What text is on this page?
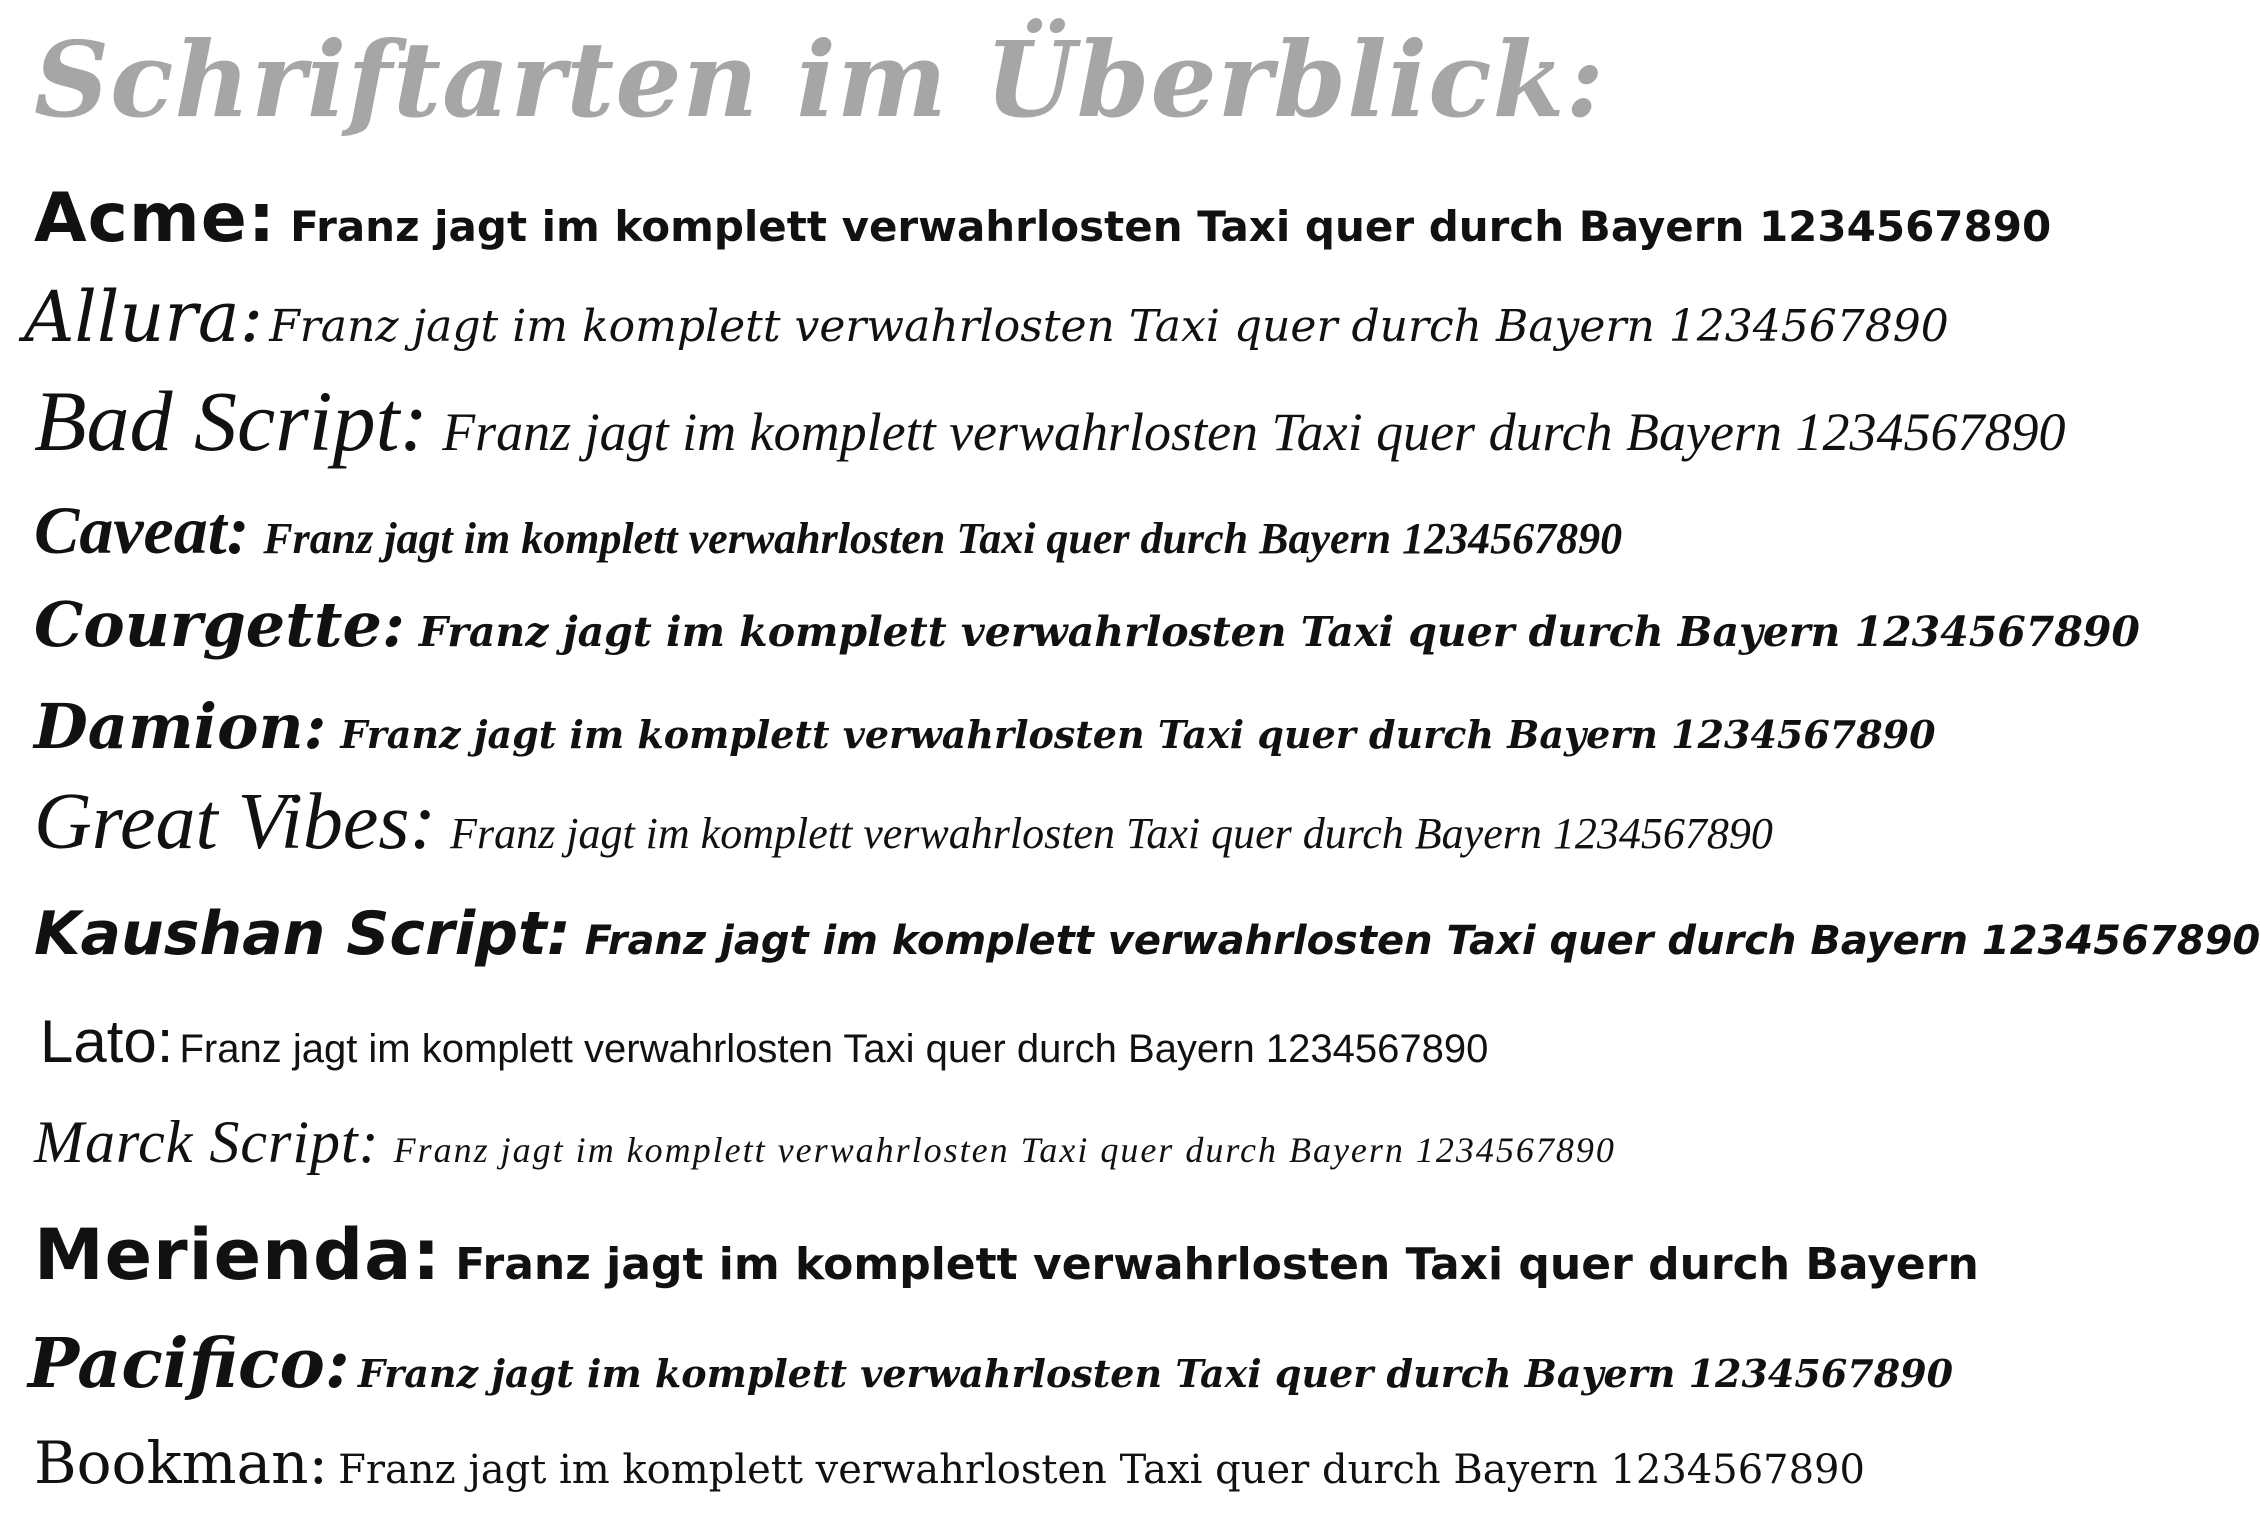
Schriftarten im Überblick:
Acme: Franz jagt im komplett verwahrlosten Taxi quer durch Bayern 1234567890
Allura: Franz jagt im komplett verwahrlosten Taxi quer durch Bayern 1234567890
Bad Script: Franz jagt im komplett verwahrlosten Taxi quer durch Bayern 1234567890
Caveat: Franz jagt im komplett verwahrlosten Taxi quer durch Bayern 1234567890
Courgette: Franz jagt im komplett verwahrlosten Taxi quer durch Bayern 1234567890
Damion: Franz jagt im komplett verwahrlosten Taxi quer durch Bayern 1234567890
Great Vibes: Franz jagt im komplett verwahrlosten Taxi quer durch Bayern 1234567890
Kaushan Script: Franz jagt im komplett verwahrlosten Taxi quer durch Bayern 1234567890
Lato: Franz jagt im komplett verwahrlosten Taxi quer durch Bayern 1234567890
Marck Script: Franz jagt im komplett verwahrlosten Taxi quer durch Bayern 1234567890
Merienda: Franz jagt im komplett verwahrlosten Taxi quer durch Bayern
Pacifico: Franz jagt im komplett verwahrlosten Taxi quer durch Bayern 1234567890
Bookman: Franz jagt im komplett verwahrlosten Taxi quer durch Bayern 1234567890
